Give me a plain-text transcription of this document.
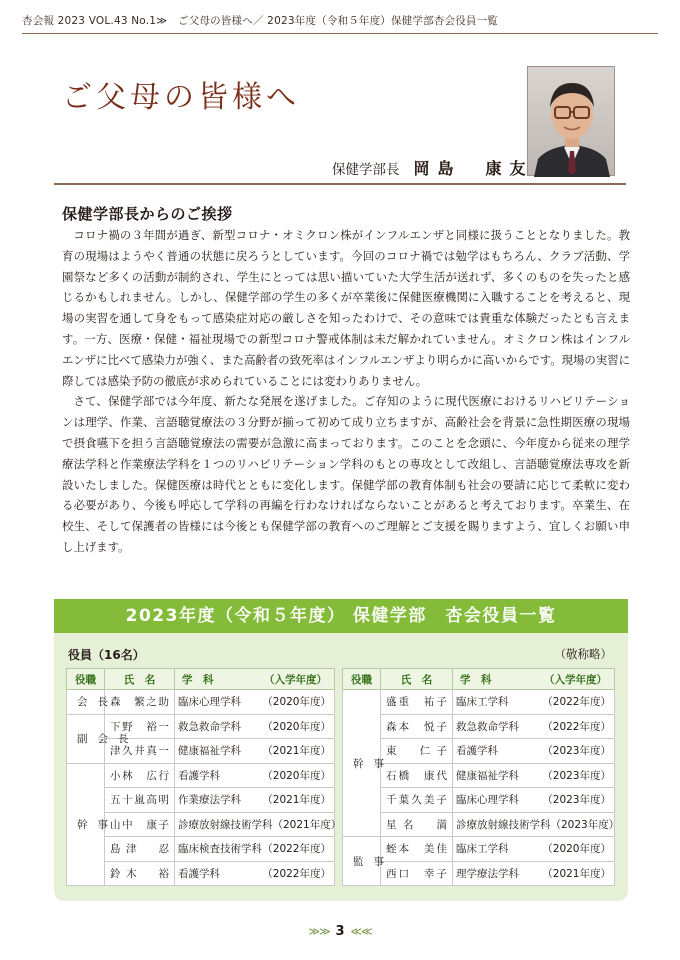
杏会報 2023 VOL.43 No.1≫　ご父母の皆様へ／ 2023年度（令和５年度）保健学部杏会役員一覧
ご父母の皆様へ
保健学部長 岡島　康友
保健学部長からのご挨拶

コロナ禍の３年間が過ぎ、新型コロナ・オミクロン株がインフルエンザと同様に扱うこととなりました。教育の現場はようやく普通の状態に戻ろうとしています。今回のコロナ禍では勉学はもちろん、クラブ活動、学園祭など多くの活動が制約され、学生にとっては思い描いていた大学生活が送れず、多くのものを失ったと感じるかもしれません。しかし、保健学部の学生の多くが卒業後に保健医療機関に入職することを考えると、現場の実習を通して身をもって感染症対応の厳しさを知ったわけで、その意味では貴重な体験だったとも言えます。一方、医療・保健・福祉現場での新型コロナ警戒体制は未だ解かれていません。オミクロン株はインフルエンザに比べて感染力が強く、また高齢者の致死率はインフルエンザより明らかに高いからです。現場の実習に際しては感染予防の徹底が求められていることには変わりありません。

さて、保健学部では今年度、新たな発展を遂げました。ご存知のように現代医療におけるリハビリテーションは理学、作業、言語聴覚療法の３分野が揃って初めて成り立ちますが、高齢社会を背景に急性期医療の現場で摂食嚥下を担う言語聴覚療法の需要が急激に高まっております。このことを念頭に、今年度から従来の理学療法学科と作業療法学科を１つのリハビリテーション学科のもとの専攻として改組し、言語聴覚療法専攻を新設いたしました。保健医療は時代とともに変化します。保健学部の教育体制も社会の要請に応じて柔軟に変わる必要があり、今後も呼応して学科の再編を行わなければならないことがあると考えております。卒業生、在校生、そして保護者の皆様には今後とも保健学部の教育へのご理解とご支援を賜りますよう、宜しくお願い申し上げます。

2023年度（令和５年度） 保健学部　杏会役員一覧
役員（16名）	（敬称略）
役職	氏　名	学　科 （入学年度）

会長	森　繁之助	臨床心理学科 （2020年度）

副会長	下野　裕一	救急救命学科 （2020年度）

	津久井真一	健康福祉学科 （2021年度）

幹事	小林　広行	看護学科 （2020年度）

	五十嵐高明	作業療法学科 （2021年度）

	山中　康子	診療放射線技術学科 （2021年度）

	島津　忍	臨床検査技術学科 （2022年度）

	鈴木　裕	看護学科 （2022年度）
役職	氏　名	学　科 （入学年度）

幹事	盛重　祐子	臨床工学科 （2022年度）

	森本　悦子	救急救命学科 （2022年度）

	東　仁子	看護学科 （2023年度）

	石橋　康代	健康福祉学科 （2023年度）

	千葉久美子	臨床心理学科 （2023年度）

	星名　満	診療放射線技術学科 （2023年度）

監事	蛭本　美佳	臨床工学科 （2020年度）

	西口　幸子	理学療法学科 （2021年度）
≫≫ 3 ≪≪
